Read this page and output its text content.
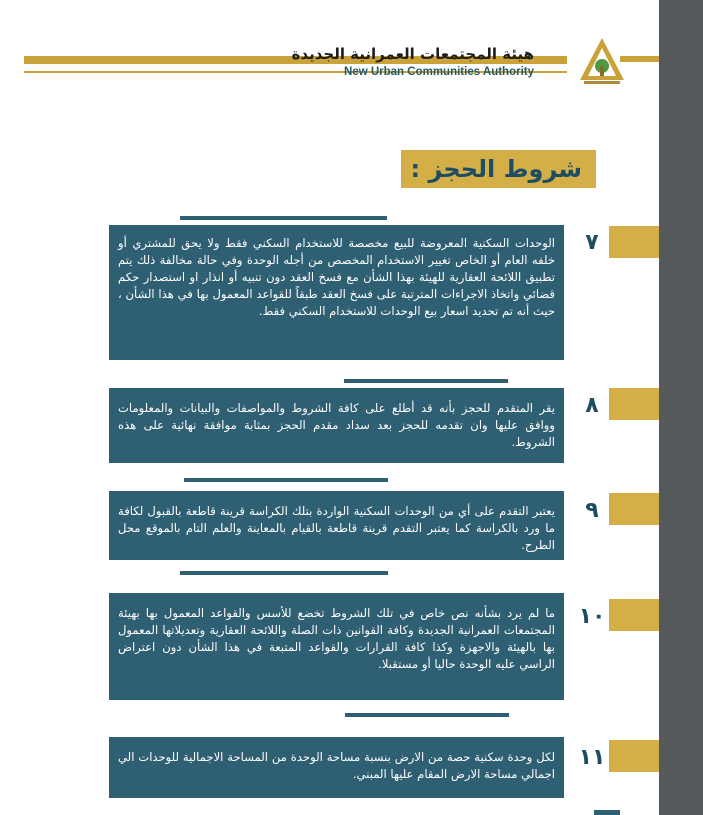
هيئة المجتمعات العمرانية الجديدة
New Urban Communities Authority
شروط الحجز :
٧
الوحدات السكنية المعروضة للبيع مخصصة للاستخدام السكني فقط ولا يحق للمشتري أو خلفه العام أو الخاص تغيير الاستخدام المخصص من أجله الوحدة وفي حالة مخالفة ذلك يتم تطبيق اللائحة العقارية للهيئة بهذا الشأن مع فسخ العقد دون تنبيه أو انذار او استصدار حكم قضائي واتخاذ الاجراءات المترتبة على فسخ العقد طبقاً للقواعد المعمول بها في هذا الشأن ، حيث أنه تم تحديد اسعار بيع الوحدات للاستخدام السكني فقط.
٨
يقر المتقدم للحجز بأنه قد أطلع على كافة الشروط والمواصفات والبيانات والمعلومات ووافق عليها وان تقدمه للحجز بعد سداد مقدم الحجز بمثابة موافقة نهائية على هذه الشروط.
٩
يعتبر التقدم على أي من الوحدات السكنية الواردة بتلك الكراسة قرينة قاطعة بالقبول لكافة ما ورد بالكراسة كما يعتبر التقدم قرينة قاطعة بالقيام بالمعاينة والعلم التام بالموقع محل الطرح.
١٠
ما لم يرد بشأنه نص خاص في تلك الشروط تخضع للأسس والقواعد المعمول بها بهيئة المجتمعات العمرانية الجديدة وكافة القوانين ذات الصلة واللائحة العقارية وتعديلاتها المعمول بها بالهيئة والاجهزة وكذا كافة القرارات والقواعد المتبعة في هذا الشأن دون اعتراض الراسي عليه الوحدة حاليا أو مستقبلا.
١١
لكل وحدة سكنية حصة من الارض بنسبة مساحة الوحدة من المساحة الاجمالية للوحدات الي اجمالي مساحة الارض المقام عليها المبني.
